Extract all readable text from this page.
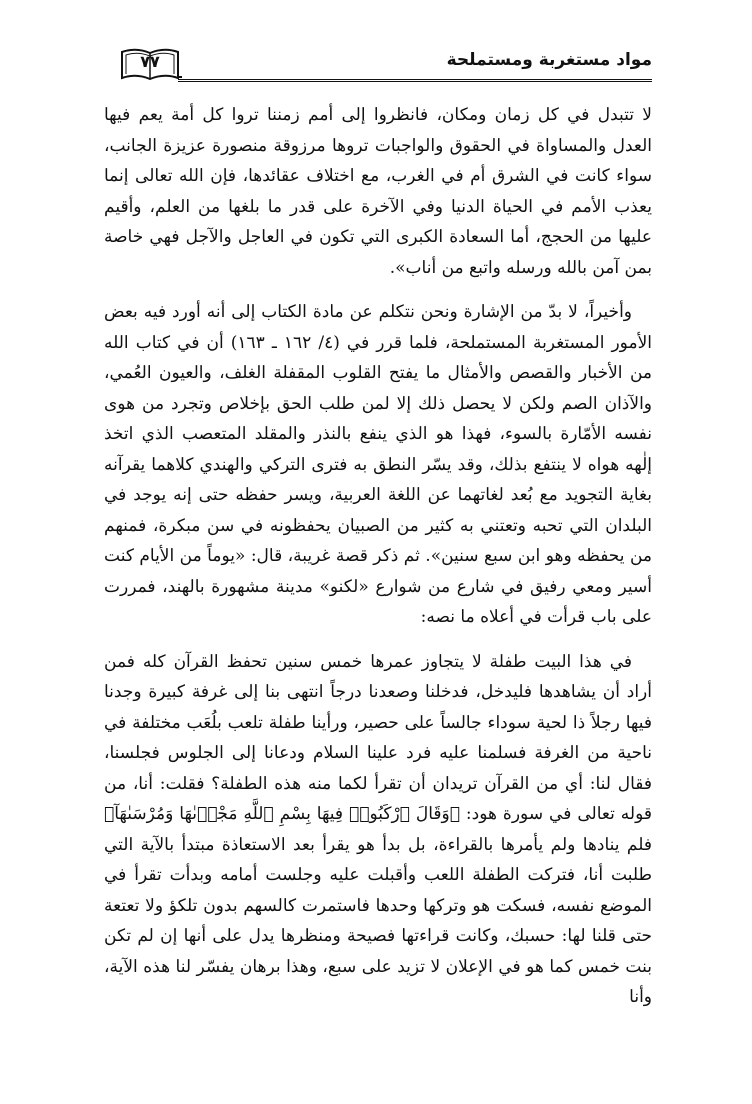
مواد مستغربة ومستملحة
٧٧

لا تتبدل في كل زمان ومكان، فانظروا إلى أمم زمننا تروا كل أمة يعم فيها العدل والمساواة في الحقوق والواجبات تروها مرزوقة منصورة عزيزة الجانب، سواء كانت في الشرق أم في الغرب، مع اختلاف عقائدها، فإن الله تعالى إنما يعذب الأمم في الحياة الدنيا وفي الآخرة على قدر ما بلغها من العلم، وأقيم عليها من الحجج، أما السعادة الكبرى التي تكون في العاجل والآجل فهي خاصة بمن آمن بالله ورسله واتبع من أناب».

وأخيراً، لا بدّ من الإشارة ونحن نتكلم عن مادة الكتاب إلى أنه أورد فيه بعض الأمور المستغربة المستملحة، فلما قرر في (٤/ ١٦٢ ـ ١٦٣) أن في كتاب الله من الأخبار والقصص والأمثال ما يفتح القلوب المقفلة الغلف، والعيون العُمي، والآذان الصم ولكن لا يحصل ذلك إلا لمن طلب الحق بإخلاص وتجرد من هوى نفسه الأمّارة بالسوء، فهذا هو الذي ينفع بالنذر والمقلد المتعصب الذي اتخذ إلٰهه هواه لا ينتفع بذلك، وقد يسّر النطق به فترى التركي والهندي كلاهما يقرآنه بغاية التجويد مع بُعد لغاتهما عن اللغة العربية، ويسر حفظه حتى إنه يوجد في البلدان التي تحبه وتعتني به كثير من الصبيان يحفظونه في سن مبكرة، فمنهم من يحفظه وهو ابن سبع سنين». ثم ذكر قصة غريبة، قال: «يوماً من الأيام كنت أسير ومعي رفيق في شارع من شوارع «لكنو» مدينة مشهورة بالهند، فمررت على باب قرأت في أعلاه ما نصه:

في هذا البيت طفلة لا يتجاوز عمرها خمس سنين تحفظ القرآن كله فمن أراد أن يشاهدها فليدخل، فدخلنا وصعدنا درجاً انتهى بنا إلى غرفة كبيرة وجدنا فيها رجلاً ذا لحية سوداء جالساً على حصير، ورأينا طفلة تلعب بلُعَب مختلفة في ناحية من الغرفة فسلمنا عليه فرد علينا السلام ودعانا إلى الجلوس فجلسنا، فقال لنا: أي من القرآن تريدان أن تقرأ لكما منه هذه الطفلة؟ فقلت: أنا، من قوله تعالى في سورة هود: ﴿وَقَالَ ٱرْكَبُوا۟ فِيهَا بِسْمِ ٱللَّهِ مَجْر۪ىٰهَا وَمُرْسَىٰهَآ﴾ فلم ينادها ولم يأمرها بالقراءة، بل بدأ هو يقرأ بعد الاستعاذة مبتدأ بالآية التي طلبت أنا، فتركت الطفلة اللعب وأقبلت عليه وجلست أمامه وبدأت تقرأ في الموضع نفسه، فسكت هو وتركها وحدها فاستمرت كالسهم بدون تلكؤ ولا تعتعة حتى قلنا لها: حسبك، وكانت قراءتها فصيحة ومنظرها يدل على أنها إن لم تكن بنت خمس كما هو في الإعلان لا تزيد على سبع، وهذا برهان يفسّر لنا هذه الآية، وأنا
